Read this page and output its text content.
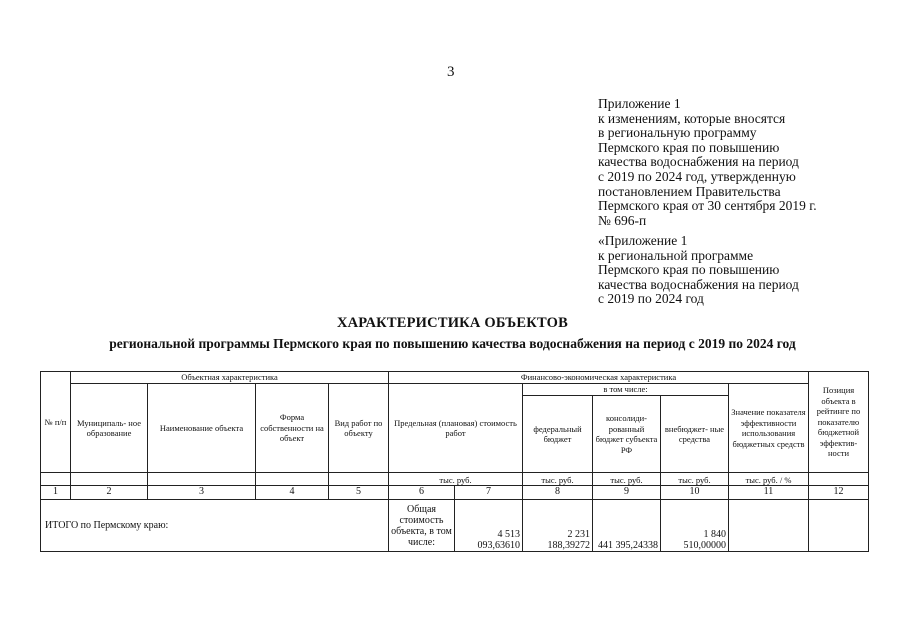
3
Приложение 1
к изменениям, которые вносятся
в региональную программу
Пермского края по повышению
качества водоснабжения на период
с 2019 по 2024 год, утвержденную
постановлением Правительства
Пермского края от 30 сентября 2019 г.
№ 696-п
«Приложение 1
к региональной программе
Пермского края по повышению
качества водоснабжения на период
с 2019 по 2024 год
ХАРАКТЕРИСТИКА ОБЪЕКТОВ
региональной программы Пермского края по повышению качества водоснабжения на период с 2019 по 2024 год
№ п/п	Объектная характеристика				Финансово-экономическая характеристика						Позиция объекта в рейтинге по показателю бюджетной эффектив- ности
	Муниципаль- ное образование	Наименование объекта	Форма собственности на объект	Вид работ по объекту	Предельная (плановая) стоимость работ		в том числе:			Значение показателя эффективности использования бюджетных средств	
							федеральный бюджет	консолиди- рованный бюджет субъекта РФ	внебюджет- ные средства		
					тыс. руб.		тыс. руб.	тыс. руб.	тыс. руб.	тыс. руб. / %	
1	2	3	4	5	6	7	8	9	10	11	12
ИТОГО по Пермскому краю:					Общая стоимость объекта, в том числе:	4 513 093,63610	2 231 188,39272	441 395,24338	1 840 510,00000		
